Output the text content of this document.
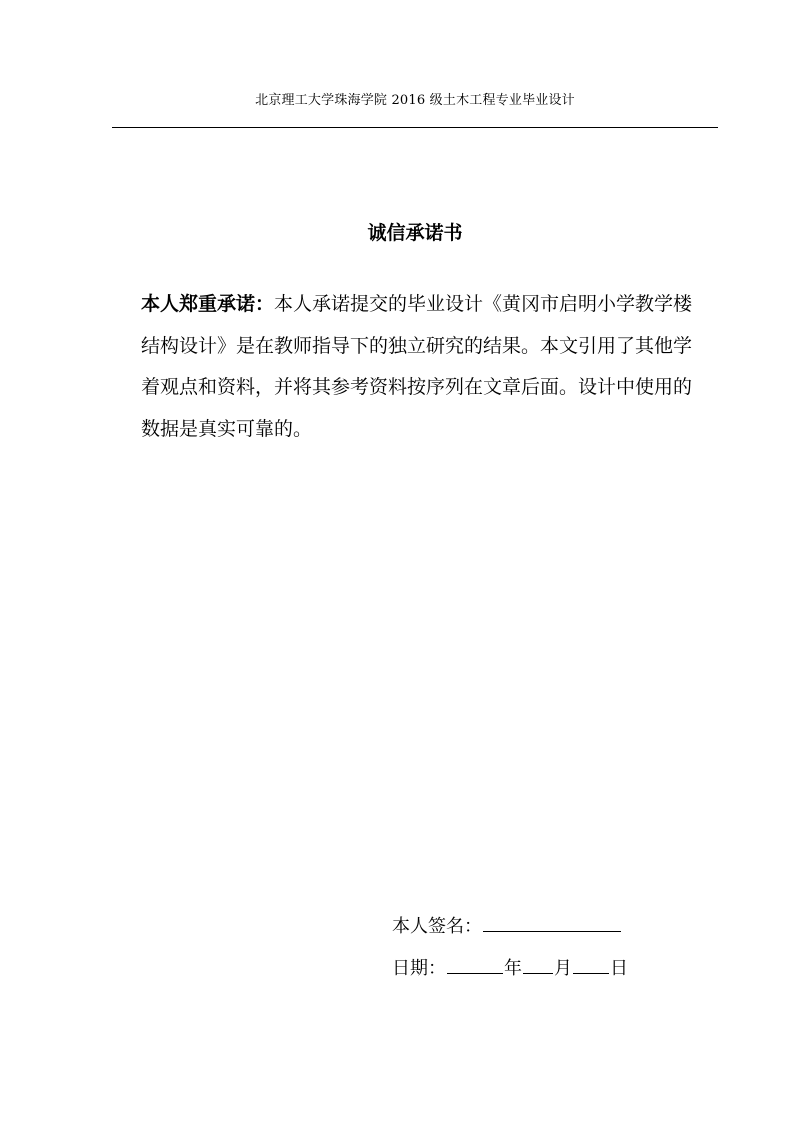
北京理工大学珠海学院 2016 级土木工程专业毕业设计
诚信承诺书

本人郑重承诺：本人承诺提交的毕业设计《黄冈市启明小学教学楼结构设计》是在教师指导下的独立研究的结果。本文引用了其他学着观点和资料，并将其参考资料按序列在文章后面。设计中使用的数据是真实可靠的。

本人签名：
日期：	年 月 日
